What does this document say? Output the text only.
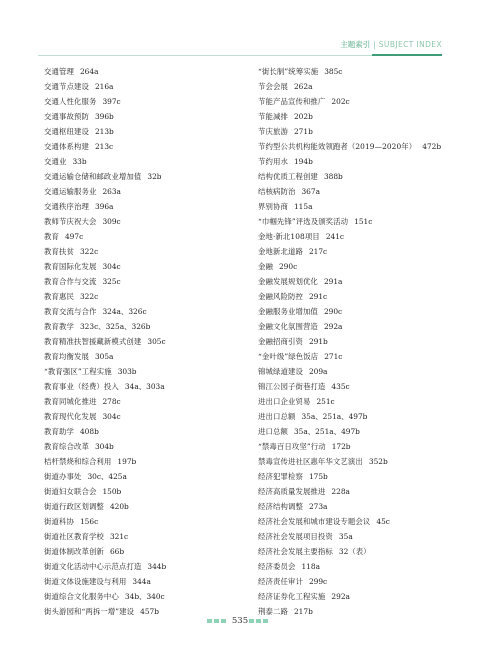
主题索引 | SUBJECT INDEX
交通管理 264a
交通节点建设 216a
交通人性化服务 397c
交通事故预防 396b
交通枢纽建设 213b
交通体系构建 213c
交通业 33b
交通运输仓储和邮政业增加值 32b
交通运输服务业 263a
交通秩序治理 396a
教师节庆祝大会 309c
教育 497c
教育扶贫 322c
教育国际化发展 304c
教育合作与交流 325c
教育惠民 322c
教育交流与合作 324a、326c
教育教学 323c、325a、326b
教育精准扶智援藏新模式创建 305c
教育均衡发展 305a
“教育强区”工程实施 303b
教育事业（经费）投入 34a、303a
教育同城化推进 278c
教育现代化发展 304c
教育助学 408b
教育综合改革 304b
桔杆禁烧和综合利用 197b
街道办事处 30c、425a
街道妇女联合会 150b
街道行政区划调整 420b
街道科协 156c
街道社区教育学校 321c
街道体制改革创新 66b
街道文化活动中心示范点打造 344b
街道文体设施建设与利用 344a
街道综合文化服务中心 34b、340c
街头游园和“两拆一增”建设 457b
“街长制”统筹实施 385c
节会会展 262a
节能产品宣传和推广 202c
节能减排 202b
节庆旅游 271b
节约型公共机构能效领跑者（2019—2020年） 472b
节约用水 194b
结构优质工程创建 388b
结核病防治 367a
界别协商 115a
“巾帼先锋”评选及颁奖活动 151c
金地·新北108项目 241c
金地新北道路 217c
金融 290c
金融发展规划优化 291a
金融风险防控 291c
金融服务业增加值 290c
金融文化氛围营造 292a
金融招商引资 291b
“金叶级”绿色饭店 271c
锦城绿道建设 209a
锦江公园子街巷打造 435c
进出口企业贸易 251c
进出口总额 35a、251a、497b
进口总额 35a、251a、497b
“禁毒百日攻坚”行动 172b
禁毒宣传进社区惠年华文艺演出 352b
经济犯罪检察 175b
经济高质量发展推进 228a
经济结构调整 273a
经济社会发展和城市建设专题会议 45c
经济社会发展项目投资 35a
经济社会发展主要指标 32（表）
经济委员会 118a
经济责任审计 299c
经济证券化工程实施 292a
荆泰二路 217b
535
